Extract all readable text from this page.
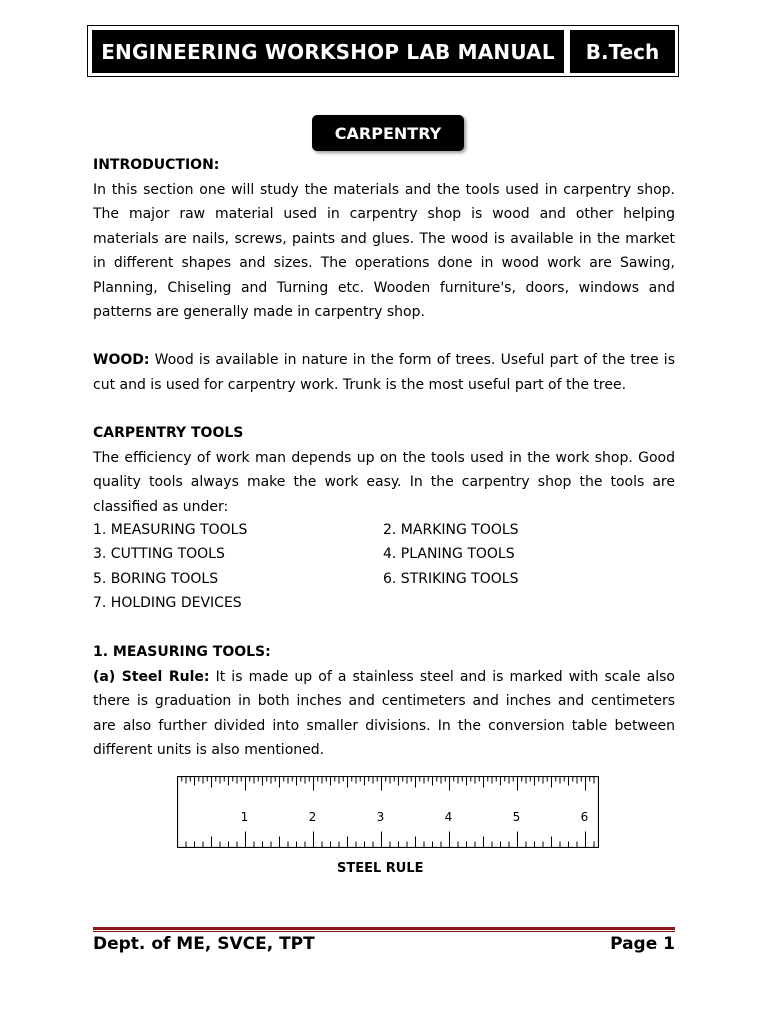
ENGINEERING WORKSHOP LAB MANUAL	B.Tech
CARPENTRY

INTRODUCTION:
In this section one will study the materials and the tools used in carpentry shop. The major raw material used in carpentry shop is wood and other helping materials are nails, screws, paints and glues. The wood is available in the market in different shapes and sizes. The operations done in wood work are Sawing, Planning, Chiseling and Turning etc. Wooden furniture's, doors, windows and patterns are generally made in carpentry shop.

WOOD: Wood is available in nature in the form of trees. Useful part of the tree is cut and is used for carpentry work. Trunk is the most useful part of the tree.

CARPENTRY TOOLS
The efficiency of work man depends up on the tools used in the work shop. Good quality tools always make the work easy. In the carpentry shop the tools are classified as under:

1. MEASURING TOOLS	2. MARKING TOOLS
3. CUTTING TOOLS	4. PLANING TOOLS
5. BORING TOOLS	6. STRIKING TOOLS
7. HOLDING DEVICES

1. MEASURING TOOLS:
(a) Steel Rule: It is made up of a stainless steel and is marked with scale also there is graduation in both inches and centimeters and inches and centimeters are also further divided into smaller divisions. In the conversion table between different units is also mentioned.

1	2	3	4	5	6
STEEL RULE
Dept. of ME, SVCE, TPT	Page 1
